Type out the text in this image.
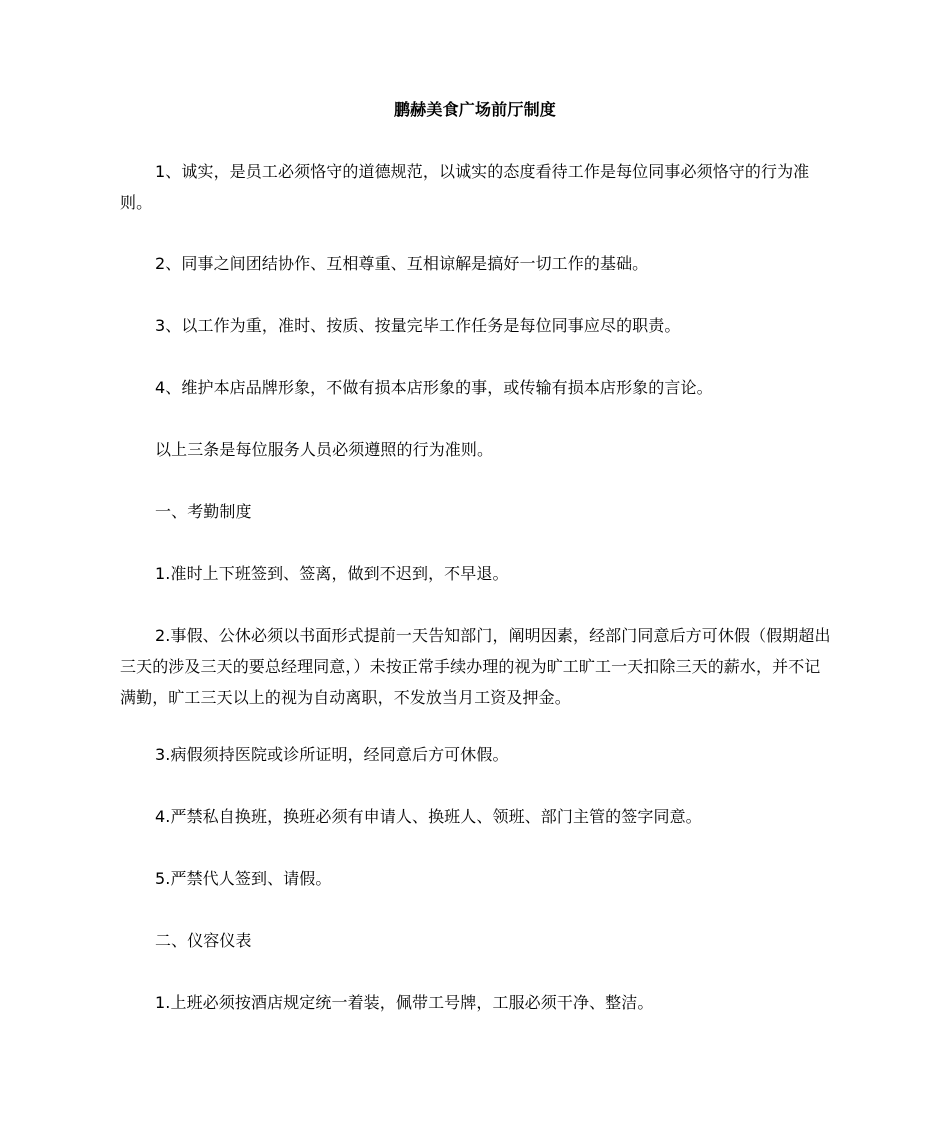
鹏赫美食广场前厅制度
1、诚实，是员工必须恪守的道德规范，以诚实的态度看待工作是每位同事必须恪守的行为准则。
2、同事之间团结协作、互相尊重、互相谅解是搞好一切工作的基础。
3、以工作为重，准时、按质、按量完毕工作任务是每位同事应尽的职责。
4、维护本店品牌形象，不做有损本店形象的事，或传输有损本店形象的言论。
以上三条是每位服务人员必须遵照的行为准则。
一、考勤制度
1.准时上下班签到、签离，做到不迟到，不早退。
2.事假、公休必须以书面形式提前一天告知部门，阐明因素，经部门同意后方可休假（假期超出三天的涉及三天的要总经理同意，）未按正常手续办理的视为旷工旷工一天扣除三天的薪水，并不记满勤，旷工三天以上的视为自动离职，不发放当月工资及押金。
3.病假须持医院或诊所证明，经同意后方可休假。
4.严禁私自换班，换班必须有申请人、换班人、领班、部门主管的签字同意。
5.严禁代人签到、请假。
二、仪容仪表
1.上班必须按酒店规定统一着装，佩带工号牌，工服必须干净、整洁。
